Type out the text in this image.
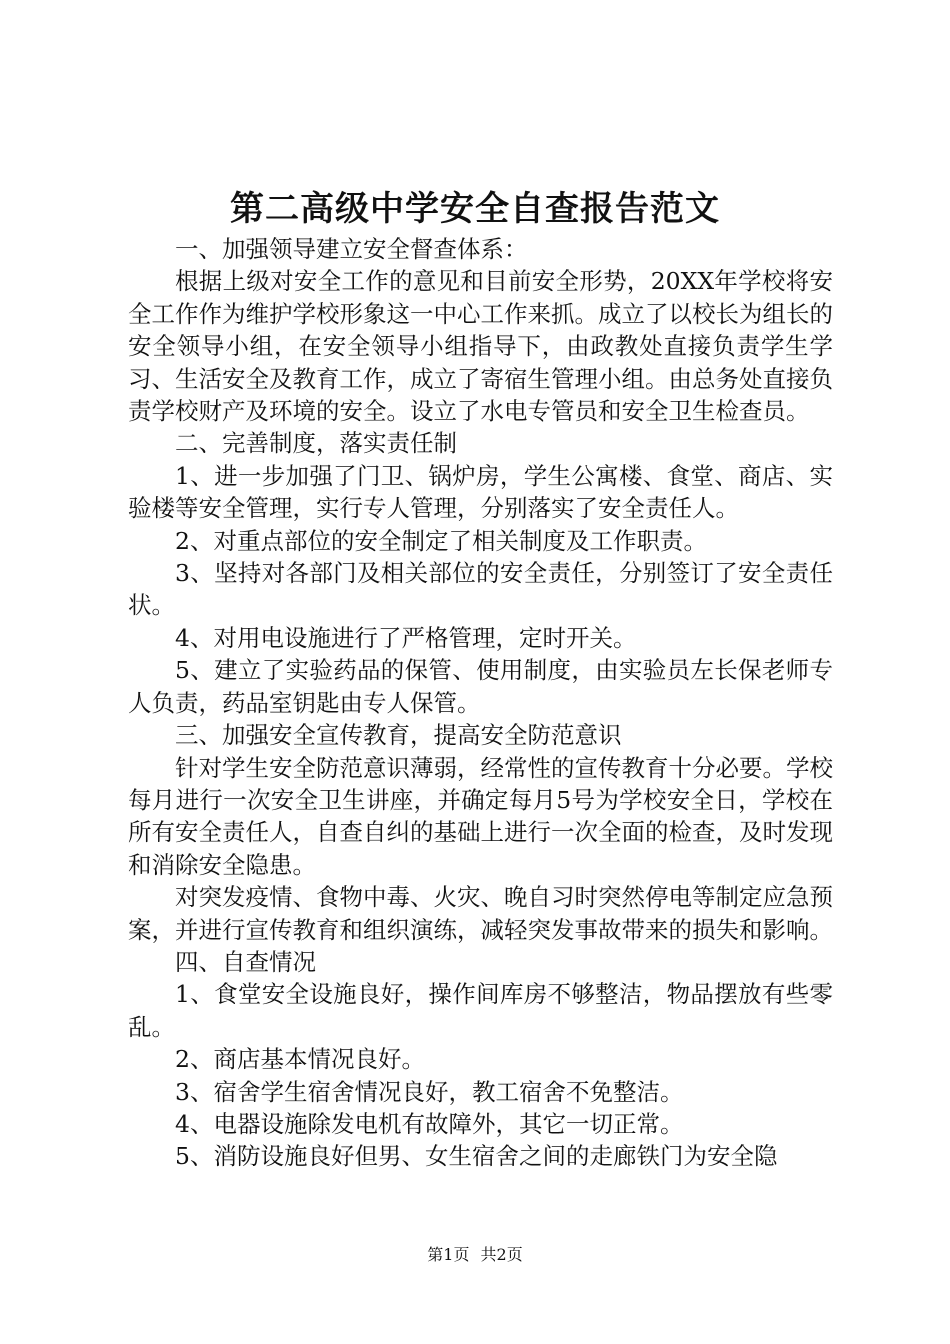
第二高级中学安全自查报告范文

一、加强领导建立安全督查体系：

根据上级对安全工作的意见和目前安全形势，20XX年学校将安全工作作为维护学校形象这一中心工作来抓。成立了以校长为组长的安全领导小组，在安全领导小组指导下，由政教处直接负责学生学习、生活安全及教育工作，成立了寄宿生管理小组。由总务处直接负责学校财产及环境的安全。设立了水电专管员和安全卫生检查员。

二、完善制度，落实责任制

1、进一步加强了门卫、锅炉房，学生公寓楼、食堂、商店、实验楼等安全管理，实行专人管理，分别落实了安全责任人。

2、对重点部位的安全制定了相关制度及工作职责。

3、坚持对各部门及相关部位的安全责任，分别签订了安全责任状。

4、对用电设施进行了严格管理，定时开关。

5、建立了实验药品的保管、使用制度，由实验员左长保老师专人负责，药品室钥匙由专人保管。

三、加强安全宣传教育，提高安全防范意识

针对学生安全防范意识薄弱，经常性的宣传教育十分必要。学校每月进行一次安全卫生讲座，并确定每月5号为学校安全日，学校在所有安全责任人，自查自纠的基础上进行一次全面的检查，及时发现和消除安全隐患。

对突发疫情、食物中毒、火灾、晚自习时突然停电等制定应急预案，并进行宣传教育和组织演练，减轻突发事故带来的损失和影响。

四、自查情况

1、食堂安全设施良好，操作间库房不够整洁，物品摆放有些零乱。

2、商店基本情况良好。

3、宿舍学生宿舍情况良好，教工宿舍不免整洁。

4、电器设施除发电机有故障外，其它一切正常。

5、消防设施良好但男、女生宿舍之间的走廊铁门为安全隐

第1页 共2页
